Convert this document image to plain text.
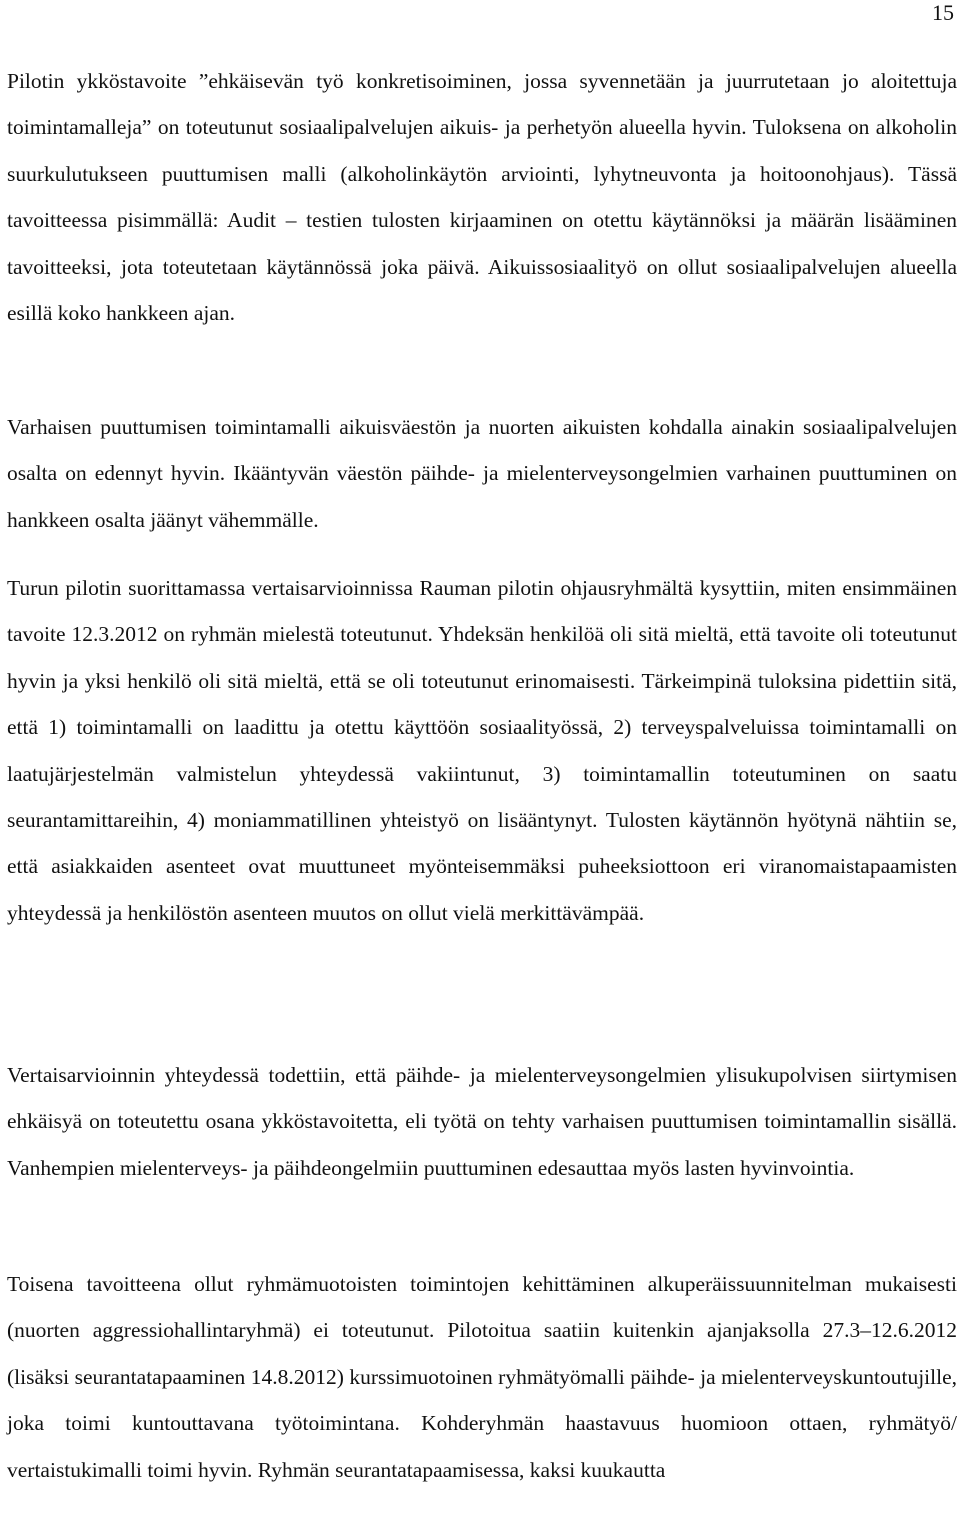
15

Pilotin ykköstavoite ”ehkäisevän työ konkretisoiminen, jossa syvennetään ja juurrutetaan jo aloitettuja toimintamalleja” on toteutunut sosiaalipalvelujen aikuis- ja perhetyön alueella hyvin. Tuloksena on alkoholin suurkulutukseen puuttumisen malli (alkoholinkäytön arviointi, lyhytneuvonta ja hoitoonohjaus). Tässä tavoitteessa pisimmällä: Audit – testien tulosten kirjaaminen on otettu käytännöksi ja määrän lisääminen tavoitteeksi, jota toteutetaan käytännössä joka päivä. Aikuissosiaalityö on ollut sosiaalipalvelujen alueella esillä koko hankkeen ajan.

Varhaisen puuttumisen toimintamalli aikuisväestön ja nuorten aikuisten kohdalla ainakin sosiaalipalvelujen osalta on edennyt hyvin. Ikääntyvän väestön päihde- ja mielenterveysongelmien varhainen puuttuminen on hankkeen osalta jäänyt vähemmälle.

Turun pilotin suorittamassa vertaisarvioinnissa Rauman pilotin ohjausryhmältä kysyttiin, miten ensimmäinen tavoite 12.3.2012 on ryhmän mielestä toteutunut. Yhdeksän henkilöä oli sitä mieltä, että tavoite oli toteutunut hyvin ja yksi henkilö oli sitä mieltä, että se oli toteutunut erinomaisesti. Tärkeimpinä tuloksina pidettiin sitä, että 1) toimintamalli on laadittu ja otettu käyttöön sosiaalityössä, 2) terveyspalveluissa toimintamalli on laatujärjestelmän valmistelun yhteydessä vakiintunut, 3) toimintamallin toteutuminen on saatu seurantamittareihin, 4) moniammatillinen yhteistyö on lisääntynyt. Tulosten käytännön hyötynä nähtiin se, että asiakkaiden asenteet ovat muuttuneet myönteisemmäksi puheeksiottoon eri viranomaistapaamisten yhteydessä ja henkilöstön asenteen muutos on ollut vielä merkittävämpää.

Vertaisarvioinnin yhteydessä todettiin, että päihde- ja mielenterveysongelmien ylisukupolvisen siirtymisen ehkäisyä on toteutettu osana ykköstavoitetta, eli työtä on tehty varhaisen puuttumisen toimintamallin sisällä. Vanhempien mielenterveys- ja päihdeongelmiin puuttuminen edesauttaa myös lasten hyvinvointia.

Toisena tavoitteena ollut ryhmämuotoisten toimintojen kehittäminen alkuperäissuunnitelman mukaisesti (nuorten aggressiohallintaryhmä) ei toteutunut. Pilotoitua saatiin kuitenkin ajanjaksolla 27.3–12.6.2012 (lisäksi seurantatapaaminen 14.8.2012) kurssimuotoinen ryhmätyömalli päihde- ja mielenterveyskuntoutujille, joka toimi kuntouttavana työtoimintana. Kohderyhmän haastavuus huomioon ottaen, ryhmätyö/ vertaistukimalli toimi hyvin. Ryhmän seurantatapaamisessa, kaksi kuukautta
